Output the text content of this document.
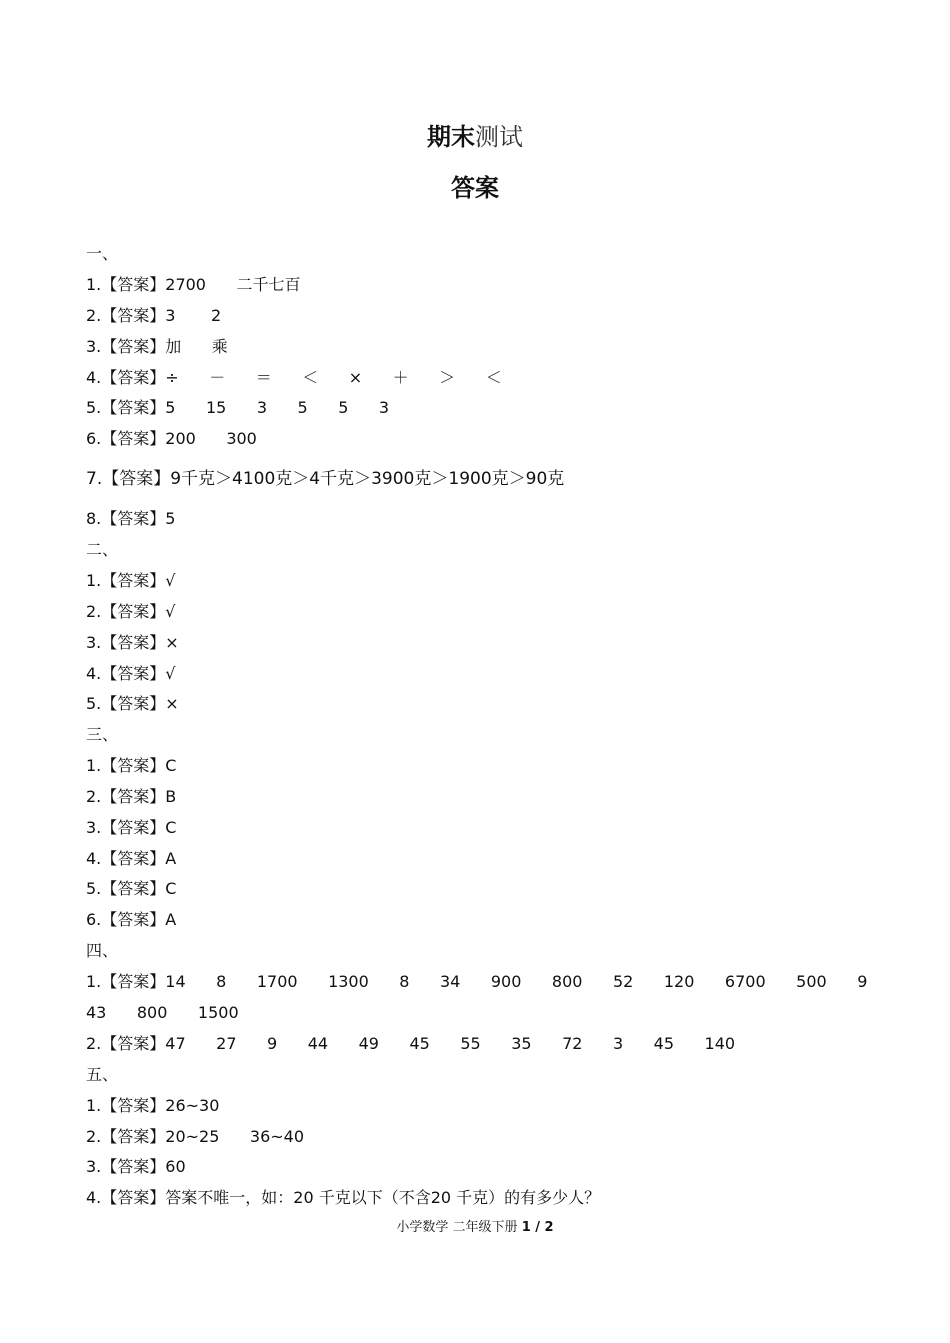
期末测试
答案
一、
1.【答案】2700      二千七百
2.【答案】3       2
3.【答案】加      乘
4.【答案】÷      －      ＝      ＜      ×      ＋      ＞      ＜
5.【答案】5      15      3      5      5      3
6.【答案】200      300
7.【答案】9千克＞4100克＞4千克＞3900克＞1900克＞90克
8.【答案】5
二、
1.【答案】√
2.【答案】√
3.【答案】×
4.【答案】√
5.【答案】×
三、
1.【答案】C
2.【答案】B
3.【答案】C
4.【答案】A
5.【答案】C
6.【答案】A
四、
1.【答案】14      8      1700      1300      8      34      900      800      52      120      6700      500      9
43      800      1500
2.【答案】47      27      9      44      49      45      55      35      72      3      45      140
五、
1.【答案】26~30
2.【答案】20~25      36~40
3.【答案】60
4.【答案】答案不唯一，如：20 千克以下（不含20 千克）的有多少人？
小学数学 二年级下册 1 / 2
